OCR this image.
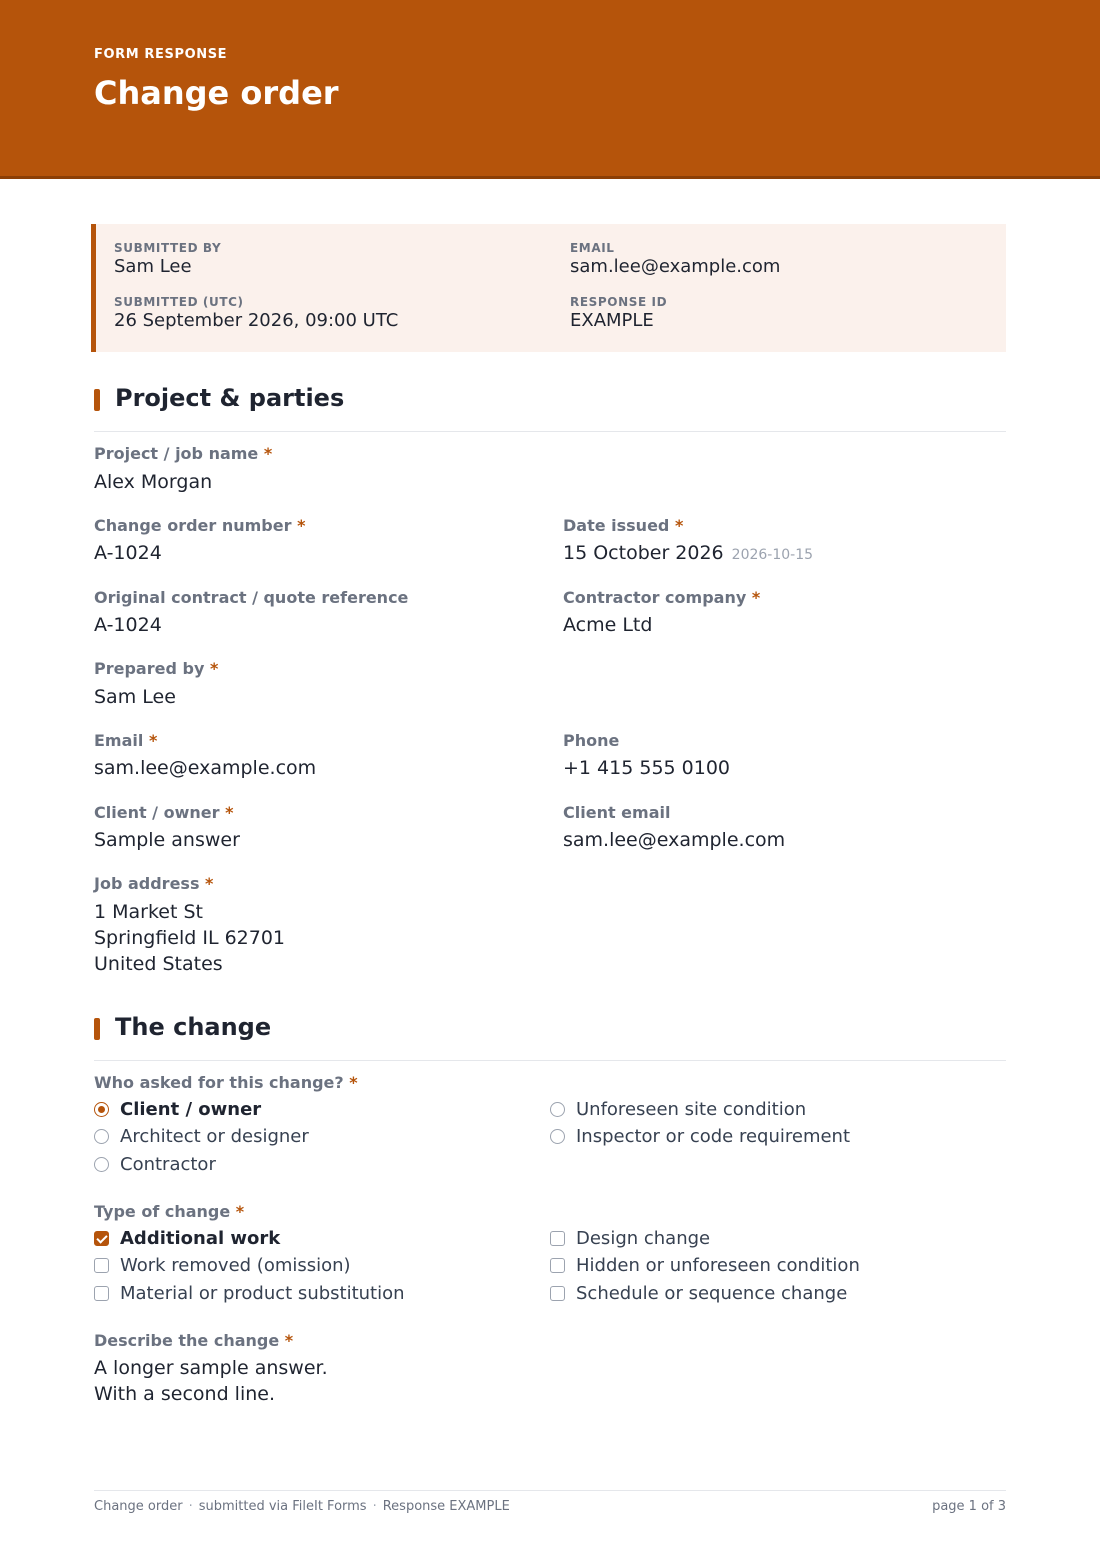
FORM RESPONSE
Change order
SUBMITTED BY
Sam Lee
EMAIL
sam.lee@example.com
SUBMITTED (UTC)
26 September 2026, 09:00 UTC
RESPONSE ID
EXAMPLE
Project & parties
Project / job name *
Alex Morgan
Change order number *
A-1024
Date issued *
15 October 2026 2026-10-15
Original contract / quote reference
A-1024
Contractor company *
Acme Ltd
Prepared by *
Sam Lee
Email *
sam.lee@example.com
Phone
+1 415 555 0100
Client / owner *
Sample answer
Client email
sam.lee@example.com
Job address *
1 Market St
Springfield IL 62701
United States
The change
Who asked for this change? *
Client / owner
Architect or designer
Contractor
Unforeseen site condition
Inspector or code requirement
Type of change *
Additional work
Work removed (omission)
Material or product substitution
Design change
Hidden or unforeseen condition
Schedule or sequence change
Describe the change *
A longer sample answer.
With a second line.
Change order · submitted via FileIt Forms · Response EXAMPLE	page 1 of 3
